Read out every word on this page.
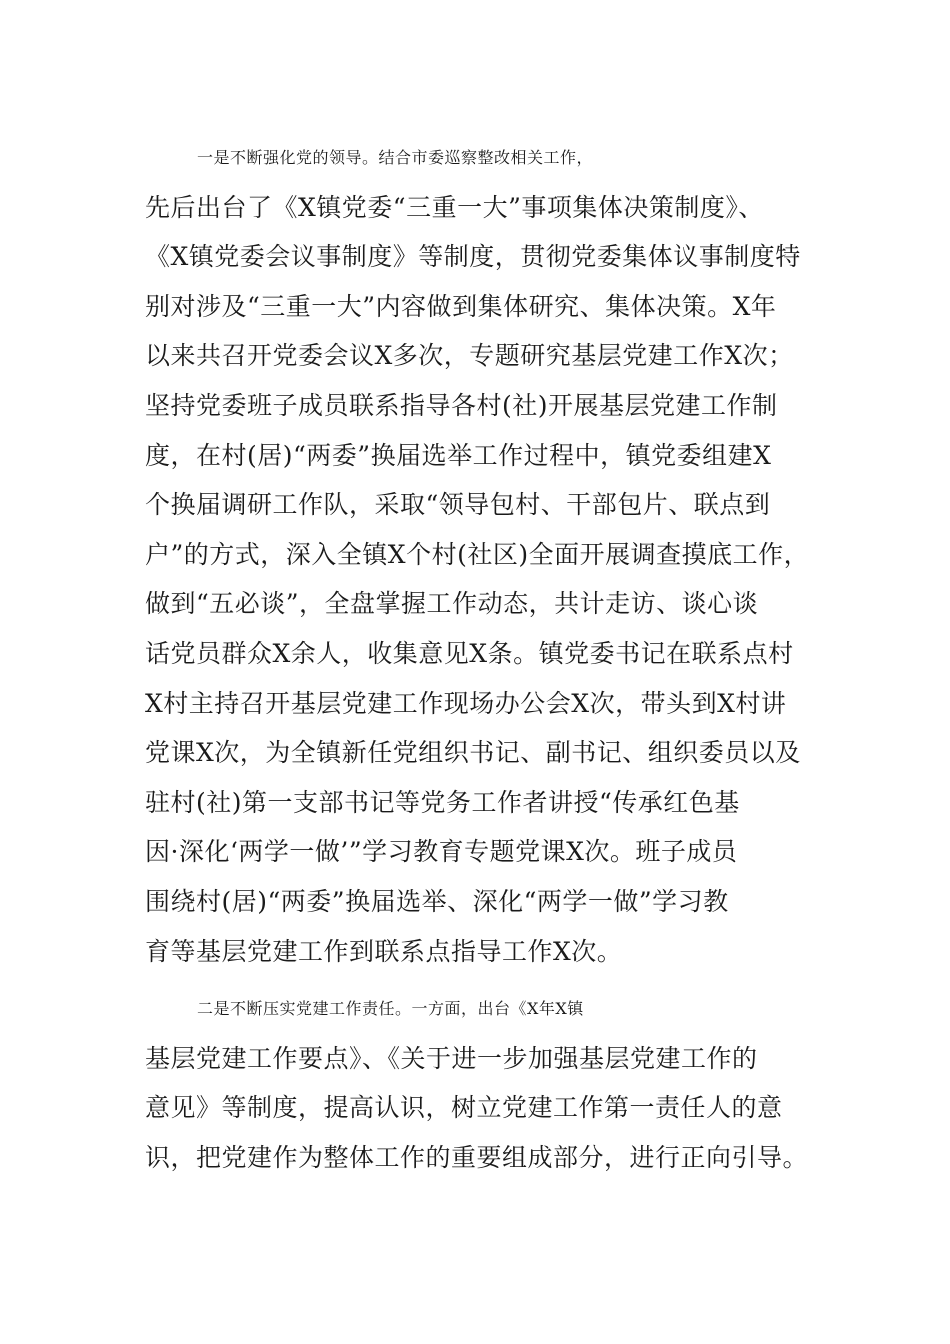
一是不断强化党的领导。结合市委巡察整改相关工作，
先后出台了《X镇党委“三重一大”事项集体决策制度》、
《X镇党委会议事制度》等制度，贯彻党委集体议事制度特
别对涉及“三重一大”内容做到集体研究、集体决策。X年
以来共召开党委会议X多次，专题研究基层党建工作X次；
坚持党委班子成员联系指导各村(社)开展基层党建工作制
度，在村(居)“两委”换届选举工作过程中，镇党委组建X
个换届调研工作队，采取“领导包村、干部包片、联点到
户”的方式，深入全镇X个村(社区)全面开展调查摸底工作，
做到“五必谈”，全盘掌握工作动态，共计走访、谈心谈
话党员群众X余人，收集意见X条。镇党委书记在联系点村
X村主持召开基层党建工作现场办公会X次，带头到X村讲
党课X次，为全镇新任党组织书记、副书记、组织委员以及
驻村(社)第一支部书记等党务工作者讲授“传承红色基
因·深化‘两学一做’”学习教育专题党课X次。班子成员
围绕村(居)“两委”换届选举、深化“两学一做”学习教
育等基层党建工作到联系点指导工作X次。
二是不断压实党建工作责任。一方面，出台《X年X镇
基层党建工作要点》、《关于进一步加强基层党建工作的
意见》等制度，提高认识，树立党建工作第一责任人的意
识，把党建作为整体工作的重要组成部分，进行正向引导。
